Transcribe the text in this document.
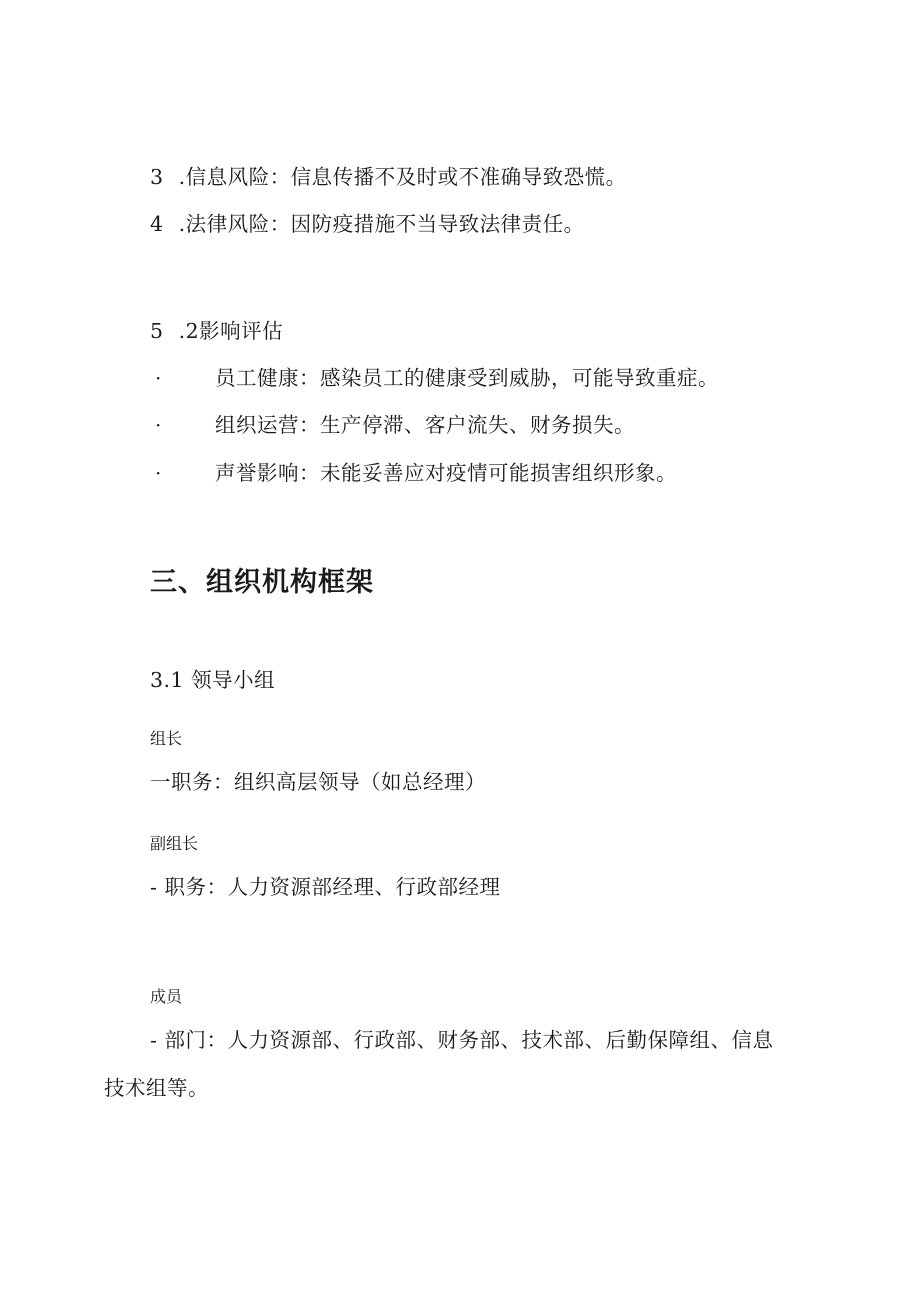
3 .信息风险：信息传播不及时或不准确导致恐慌。
4 .法律风险：因防疫措施不当导致法律责任。
5 .2影响评估
·	员工健康：感染员工的健康受到威胁，可能导致重症。
·	组织运营：生产停滞、客户流失、财务损失。
·	声誉影响：未能妥善应对疫情可能损害组织形象。
三、组织机构框架
3.1 领导小组
组长
一职务：组织高层领导（如总经理）
副组长
- 职务：人力资源部经理、行政部经理
成员
- 部门：人力资源部、行政部、财务部、技术部、后勤保障组、信息
技术组等。
